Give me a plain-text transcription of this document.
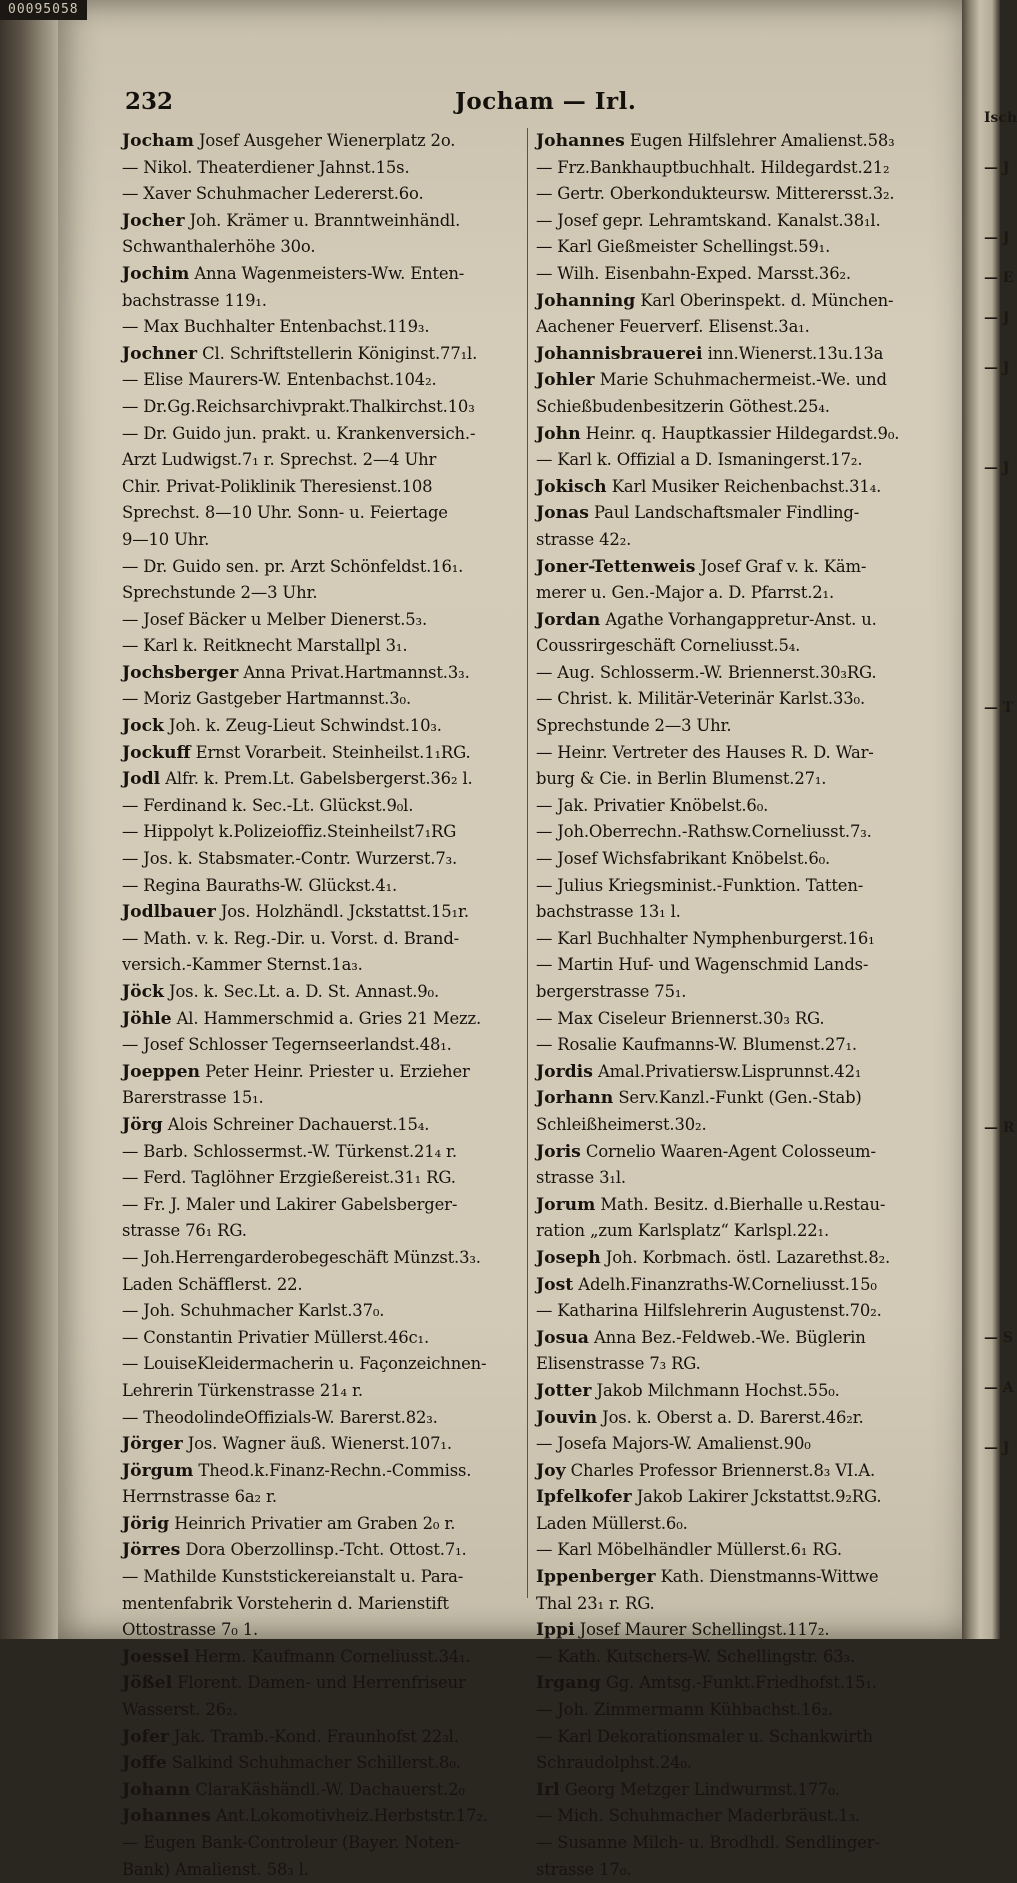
Isch
— J
— J
— E
— J
— J
— J
— T
— R
— S
— A
— J
00095058
232	Jocham — Irl.
Jocham Josef Ausgeher Wienerplatz 2o.
— Nikol. Theaterdiener Jahnst.15s.
— Xaver Schuhmacher Ledererst.6o.
Jocher Joh. Krämer u. Branntweinhändl.
Schwanthalerhöhe 30o.
Jochim Anna Wagenmeisters-Ww. Enten-
bachstrasse 119₁.
— Max Buchhalter Entenbachst.119₃.
Jochner Cl. Schriftstellerin Königinst.77₁l.
— Elise Maurers-W. Entenbachst.104₂.
— Dr.Gg.Reichsarchivprakt.Thalkirchst.10₃
— Dr. Guido jun. prakt. u. Krankenversich.-
Arzt Ludwigst.7₁ r. Sprechst. 2—4 Uhr
Chir. Privat-Poliklinik Theresienst.108
Sprechst. 8—10 Uhr. Sonn- u. Feiertage
9—10 Uhr.
— Dr. Guido sen. pr. Arzt Schönfeldst.16₁.
Sprechstunde 2—3 Uhr.
— Josef Bäcker u Melber Dienerst.5₃.
— Karl k. Reitknecht Marstallpl 3₁.
Jochsberger Anna Privat.Hartmannst.3₃.
— Moriz Gastgeber Hartmannst.3₀.
Jock Joh. k. Zeug-Lieut Schwindst.10₃.
Jockuff Ernst Vorarbeit. Steinheilst.1₁RG.
Jodl Alfr. k. Prem.Lt. Gabelsbergerst.36₂ l.
— Ferdinand k. Sec.-Lt. Glückst.9₀l.
— Hippolyt k.Polizeioffiz.Steinheilst7₁RG
— Jos. k. Stabsmater.-Contr. Wurzerst.7₃.
— Regina Bauraths-W. Glückst.4₁.
Jodlbauer Jos. Holzhändl. Jckstattst.15₁r.
— Math. v. k. Reg.-Dir. u. Vorst. d. Brand-
versich.-Kammer Sternst.1a₃.
Jöck Jos. k. Sec.Lt. a. D. St. Annast.9₀.
Jöhle Al. Hammerschmid a. Gries 21 Mezz.
— Josef Schlosser Tegernseerlandst.48₁.
Joeppen Peter Heinr. Priester u. Erzieher
Barerstrasse 15₁.
Jörg Alois Schreiner Dachauerst.15₄.
— Barb. Schlossermst.-W. Türkenst.21₄ r.
— Ferd. Taglöhner Erzgießereist.31₁ RG.
— Fr. J. Maler und Lakirer Gabelsberger-
strasse 76₁ RG.
— Joh.Herrengarderobegeschäft Münzst.3₃.
Laden Schäfflerst. 22.
— Joh. Schuhmacher Karlst.37₀.
— Constantin Privatier Müllerst.46c₁.
— LouiseKleidermacherin u. Façonzeichnen-
Lehrerin Türkenstrasse 21₄ r.
— TheodolindeOffizials-W. Barerst.82₃.
Jörger Jos. Wagner äuß. Wienerst.107₁.
Jörgum Theod.k.Finanz-Rechn.-Commiss.
Herrnstrasse 6a₂ r.
Jörig Heinrich Privatier am Graben 2₀ r.
Jörres Dora Oberzollinsp.-Tcht. Ottost.7₁.
— Mathilde Kunststickereianstalt u. Para-
mentenfabrik Vorsteherin d. Marienstift
Ottostrasse 7₀ 1.
Joessel Herm. Kaufmann Corneliusst.34₁.
Jößel Florent. Damen- und Herrenfriseur
Wasserst. 26₂.
Jofer Jak. Tramb.-Kond. Fraunhofst 22₃l.
Joffe Salkind Schuhmacher Schillerst.8₀.
Johann ClaraKäshändl.-W. Dachauerst.2₀
Johannes Ant.Lokomotivheiz.Herbststr.17₂.
— Eugen Bank-Controleur (Bayer. Noten-
Bank) Amalienst. 58₃ l.
Johannes Eugen Hilfslehrer Amalienst.58₃
— Frz.Bankhauptbuchhalt. Hildegardst.21₂
— Gertr. Oberkondukteursw. Mitterersst.3₂.
— Josef gepr. Lehramtskand. Kanalst.38₁l.
— Karl Gießmeister Schellingst.59₁.
— Wilh. Eisenbahn-Exped. Marsst.36₂.
Johanning Karl Oberinspekt. d. München-
Aachener Feuerverf. Elisenst.3a₁.
Johannisbrauerei inn.Wienerst.13u.13a
Johler Marie Schuhmachermeist.-We. und
Schießbudenbesitzerin Göthest.25₄.
John Heinr. q. Hauptkassier Hildegardst.9₀.
— Karl k. Offizial a D. Ismaningerst.17₂.
Jokisch Karl Musiker Reichenbachst.31₄.
Jonas Paul Landschaftsmaler Findling-
strasse 42₂.
Joner-Tettenweis Josef Graf v. k. Käm-
merer u. Gen.-Major a. D. Pfarrst.2₁.
Jordan Agathe Vorhangappretur-Anst. u.
Coussrirgeschäft Corneliusst.5₄.
— Aug. Schlosserm.-W. Briennerst.30₃RG.
— Christ. k. Militär-Veterinär Karlst.33₀.
Sprechstunde 2—3 Uhr.
— Heinr. Vertreter des Hauses R. D. War-
burg & Cie. in Berlin Blumenst.27₁.
— Jak. Privatier Knöbelst.6₀.
— Joh.Oberrechn.-Rathsw.Corneliusst.7₃.
— Josef Wichsfabrikant Knöbelst.6₀.
— Julius Kriegsminist.-Funktion. Tatten-
bachstrasse 13₁ l.
— Karl Buchhalter Nymphenburgerst.16₁
— Martin Huf- und Wagenschmid Lands-
bergerstrasse 75₁.
— Max Ciseleur Briennerst.30₃ RG.
— Rosalie Kaufmanns-W. Blumenst.27₁.
Jordis Amal.Privatiersw.Lisprunnst.42₁
Jorhann Serv.Kanzl.-Funkt (Gen.-Stab)
Schleißheimerst.30₂.
Joris Cornelio Waaren-Agent Colosseum-
strasse 3₁l.
Jorum Math. Besitz. d.Bierhalle u.Restau-
ration „zum Karlsplatz“ Karlspl.22₁.
Joseph Joh. Korbmach. östl. Lazarethst.8₂.
Jost Adelh.Finanzraths-W.Corneliusst.15₀
— Katharina Hilfslehrerin Augustenst.70₂.
Josua Anna Bez.-Feldweb.-We. Büglerin
Elisenstrasse 7₃ RG.
Jotter Jakob Milchmann Hochst.55₀.
Jouvin Jos. k. Oberst a. D. Barerst.46₂r.
— Josefa Majors-W. Amalienst.90₀
Joy Charles Professor Briennerst.8₃ VI.A.
Ipfelkofer Jakob Lakirer Jckstattst.9₂RG.
Laden Müllerst.6₀.
— Karl Möbelhändler Müllerst.6₁ RG.
Ippenberger Kath. Dienstmanns-Wittwe
Thal 23₁ r. RG.
Ippi Josef Maurer Schellingst.117₂.
— Kath. Kutschers-W. Schellingstr. 63₃.
Irgang Gg. Amtsg.-Funkt.Friedhofst.15₁.
— Joh. Zimmermann Kühbachst.16₂.
— Karl Dekorationsmaler u. Schankwirth
Schraudolphst.24₀.
Irl Georg Metzger Lindwurmst.177₀.
— Mich. Schuhmacher Maderbräust.1₃.
— Susanne Milch- u. Brodhdl. Sendlinger-
strasse 17₀.
